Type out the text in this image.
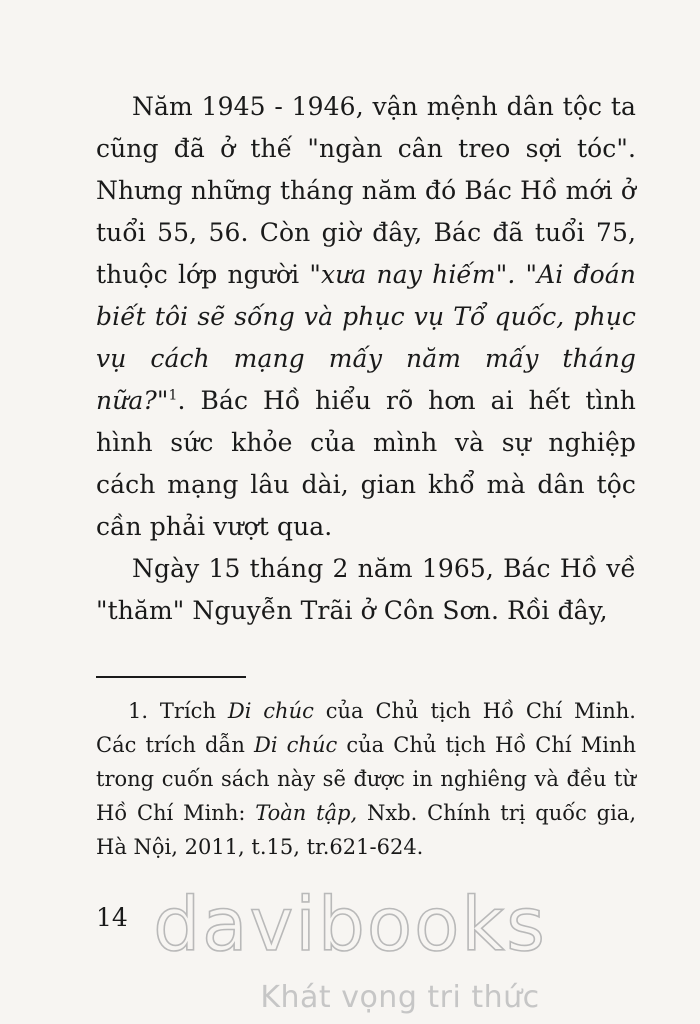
Năm 1945 - 1946, vận mệnh dân tộc ta cũng đã ở thế "ngàn cân treo sợi tóc". Nhưng những tháng năm đó Bác Hồ mới ở tuổi 55, 56. Còn giờ đây, Bác đã tuổi 75, thuộc lớp người "xưa nay hiếm". "Ai đoán biết tôi sẽ sống và phục vụ Tổ quốc, phục vụ cách mạng mấy năm mấy tháng nữa?"$^1$. Bác Hồ hiểu rõ hơn ai hết tình hình sức khỏe của mình và sự nghiệp cách mạng lâu dài, gian khổ mà dân tộc cần phải vượt qua.

Ngày 15 tháng 2 năm 1965, Bác Hồ về "thăm" Nguyễn Trãi ở Côn Sơn. Rồi đây,

1. Trích Di chúc của Chủ tịch Hồ Chí Minh. Các trích dẫn Di chúc của Chủ tịch Hồ Chí Minh trong cuốn sách này sẽ được in nghiêng và đều từ Hồ Chí Minh: Toàn tập, Nxb. Chính trị quốc gia, Hà Nội, 2011, t.15, tr.621-624.
14 davibooks
Khát vọng tri thức
